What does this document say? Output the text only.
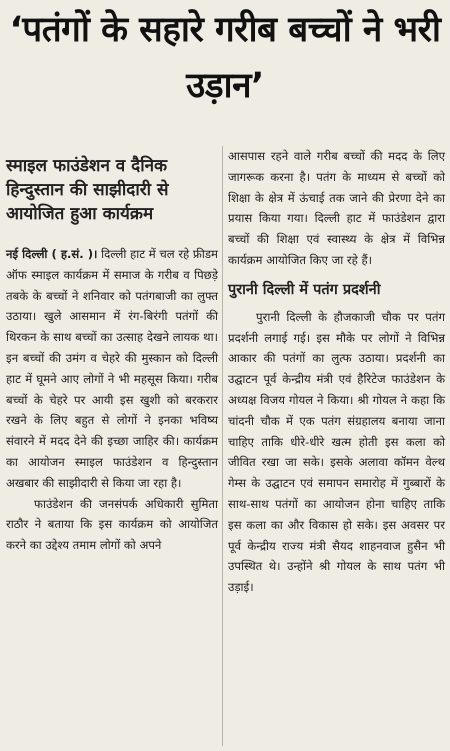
‘पतंगों के सहारे गरीब बच्चों ने भरी उड़ान’
स्माइल फाउंडेशन व दैनिक हिन्दुस्तान की साझीदारी से आयोजित हुआ कार्यक्रम

नई दिल्ली ( ह.सं. )। दिल्ली हाट में चल रहे फ्रीडम ऑफ स्माइल कार्यक्रम में समाज के गरीब व पिछड़े तबके के बच्चों ने शनिवार को पतंगबाजी का लुफ्त उठाया। खुले आसमान में रंग-बिरंगी पतंगों की थिरकन के साथ बच्चों का उत्साह देखने लायक था। इन बच्चों की उमंग व चेहरे की मुस्कान को दिल्ली हाट में घूमने आए लोगों ने भी महसूस किया। गरीब बच्चों के चेहरे पर आयी इस खुशी को बरकरार रखने के लिए बहुत से लोगों ने इनका भविष्य संवारने में मदद देने की इच्छा जाहिर की। कार्यक्रम का आयोजन स्माइल फाउंडेशन व हिन्दुस्तान अखबार की साझीदारी से किया जा रहा है।

फाउंडेशन की जनसंपर्क अधिकारी सुमिता राठौर ने बताया कि इस कार्यक्रम को आयोजित करने का उद्देश्य तमाम लोगों को अपने

आसपास रहने वाले गरीब बच्चों की मदद के लिए जागरूक करना है। पतंग के माध्यम से बच्चों को शिक्षा के क्षेत्र में ऊंचाई तक जाने की प्रेरणा देने का प्रयास किया गया। दिल्ली हाट में फाउंडेशन द्वारा बच्चों की शिक्षा एवं स्वास्थ्य के क्षेत्र में विभिन्न कार्यक्रम आयोजित किए जा रहे हैं।

पुरानी दिल्ली में पतंग प्रदर्शनी

पुरानी दिल्ली के हौजकाजी चौक पर पतंग प्रदर्शनी लगाई गई। इस मौके पर लोगों ने विभिन्न आकार की पतंगों का लुत्फ उठाया। प्रदर्शनी का उद्घाटन पूर्व केन्द्रीय मंत्री एवं हैरिटेज फाउंडेशन के अध्यक्ष विजय गोयल ने किया। श्री गोयल ने कहा कि चांदनी चौक में एक पतंग संग्रहालय बनाया जाना चाहिए ताकि धीरे-धीरे खत्म होती इस कला को जीवित रखा जा सके। इसके अलावा कॉमन वेल्थ गेम्स के उद्घाटन एवं समापन समारोह में गुब्बारों के साथ-साथ पतंगों का आयोजन होना चाहिए ताकि इस कला का और विकास हो सके। इस अवसर पर पूर्व केन्द्रीय राज्य मंत्री सैयद शाहनवाज हुसैन भी उपस्थित थे। उन्होंने श्री गोयल के साथ पतंग भी उड़ाई।
